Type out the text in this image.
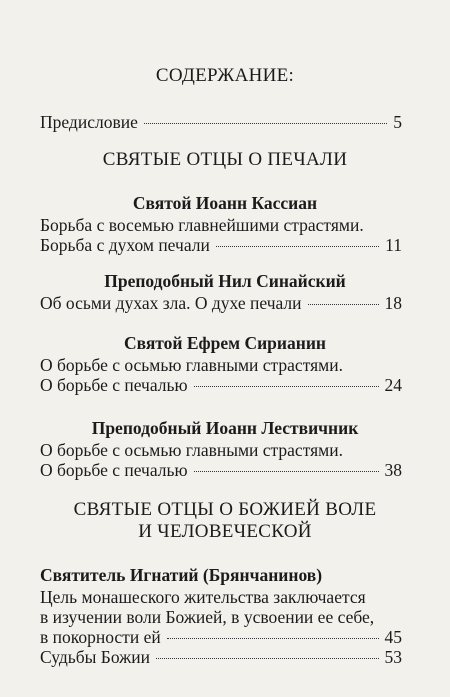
СОДЕРЖАНИЕ:
Предисловие	5
СВЯТЫЕ ОТЦЫ О ПЕЧАЛИ
Святой Иоанн Кассиан
Борьба с восемью главнейшими страстями.
Борьба с духом печали	11
Преподобный Нил Синайский
Об осьми духах зла. О духе печали	18
Святой Ефрем Сирианин
О борьбе с осьмью главными страстями.
О борьбе с печалью	24
Преподобный Иоанн Лествичник
О борьбе с осьмью главными страстями.
О борьбе с печалью	38
СВЯТЫЕ ОТЦЫ О БОЖИЕЙ ВОЛЕ
И ЧЕЛОВЕЧЕСКОЙ
Святитель Игнатий (Брянчанинов)
Цель монашеского жительства заключается
в изучении воли Божией, в усвоении ее себе,
в покорности ей	45
Судьбы Божии	53
